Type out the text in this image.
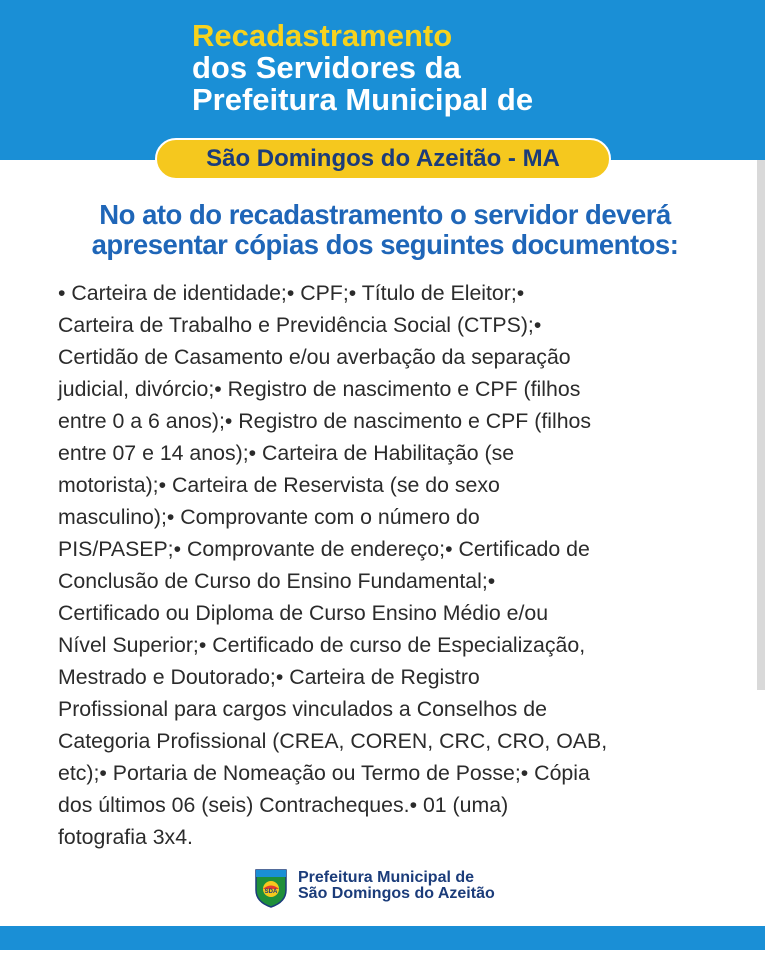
Recadastramento
dos Servidores da
Prefeitura Municipal de
São Domingos do Azeitão - MA
No ato do recadastramento o servidor deverá
apresentar cópias dos seguintes documentos:
• Carteira de identidade;• CPF;• Título de Eleitor;•
Carteira de Trabalho e Previdência Social (CTPS);•
Certidão de Casamento e/ou averbação da separação
judicial, divórcio;• Registro de nascimento e CPF (filhos
entre 0 a 6 anos);• Registro de nascimento e CPF (filhos
entre 07 e 14 anos);• Carteira de Habilitação (se
motorista);• Carteira de Reservista (se do sexo
masculino);• Comprovante com o número do
PIS/PASEP;• Comprovante de endereço;• Certificado de
Conclusão de Curso do Ensino Fundamental;•
Certificado ou Diploma de Curso Ensino Médio e/ou
Nível Superior;• Certificado de curso de Especialização,
Mestrado e Doutorado;• Carteira de Registro
Profissional para cargos vinculados a Conselhos de
Categoria Profissional (CREA, COREN, CRC, CRO, OAB,
etc);• Portaria de Nomeação ou Termo de Posse;• Cópia
dos últimos 06 (seis) Contracheques.• 01 (uma)
fotografia 3x4.
SDA
Prefeitura Municipal de
São Domingos do Azeitão
